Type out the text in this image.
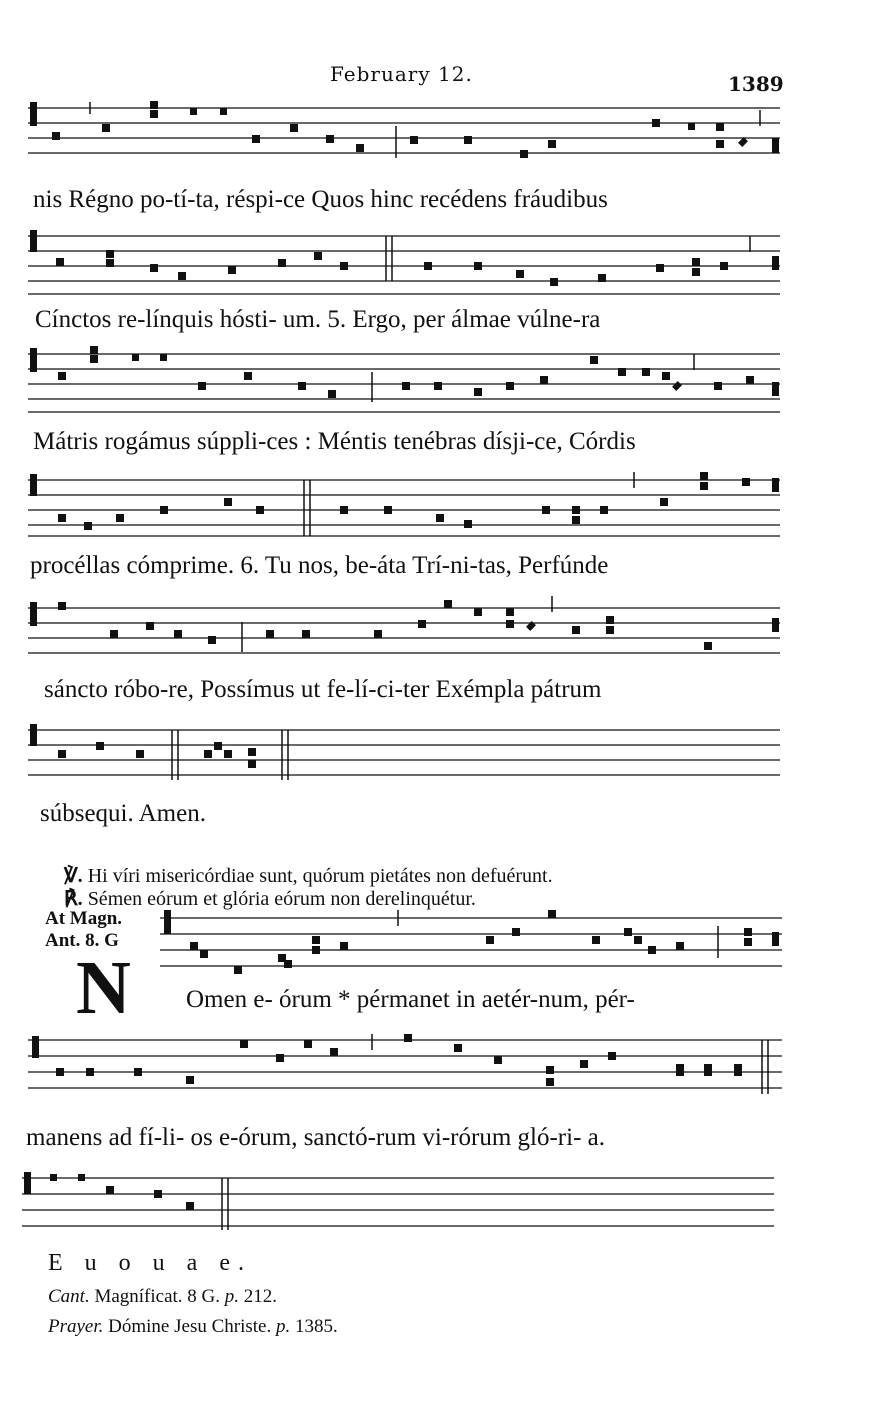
February 12.	1389
nis Régno po-tí-ta, réspi-ce Quos hinc recédens fráudibus
Cínctos re-línquis hósti- um. 5. Ergo, per álmae vúlne-ra
Mátris rogámus súppli-ces : Méntis tenébras dísji-ce, Córdis
procéllas cómprime. 6. Tu nos, be-áta Trí-ni-tas, Perfúnde
sáncto róbo-re, Possímus ut fe-lí-ci-ter Exémpla pátrum
súbsequi. Amen.

℣. Hi víri misericórdiae sunt, quórum pietátes non defuérunt.

℟. Sémen eórum et glória eórum non derelinquétur.

At Magn.
Ant. 8. G
N Omen e- órum * pérmanet in aetér-num, pér-
manens ad fí-li- os e-órum, sanctó-rum vi-rórum gló-ri- a.
E u o u a e.
Cant. Magníficat. 8 G. p. 212.
Prayer. Dómine Jesu Christe. p. 1385.
